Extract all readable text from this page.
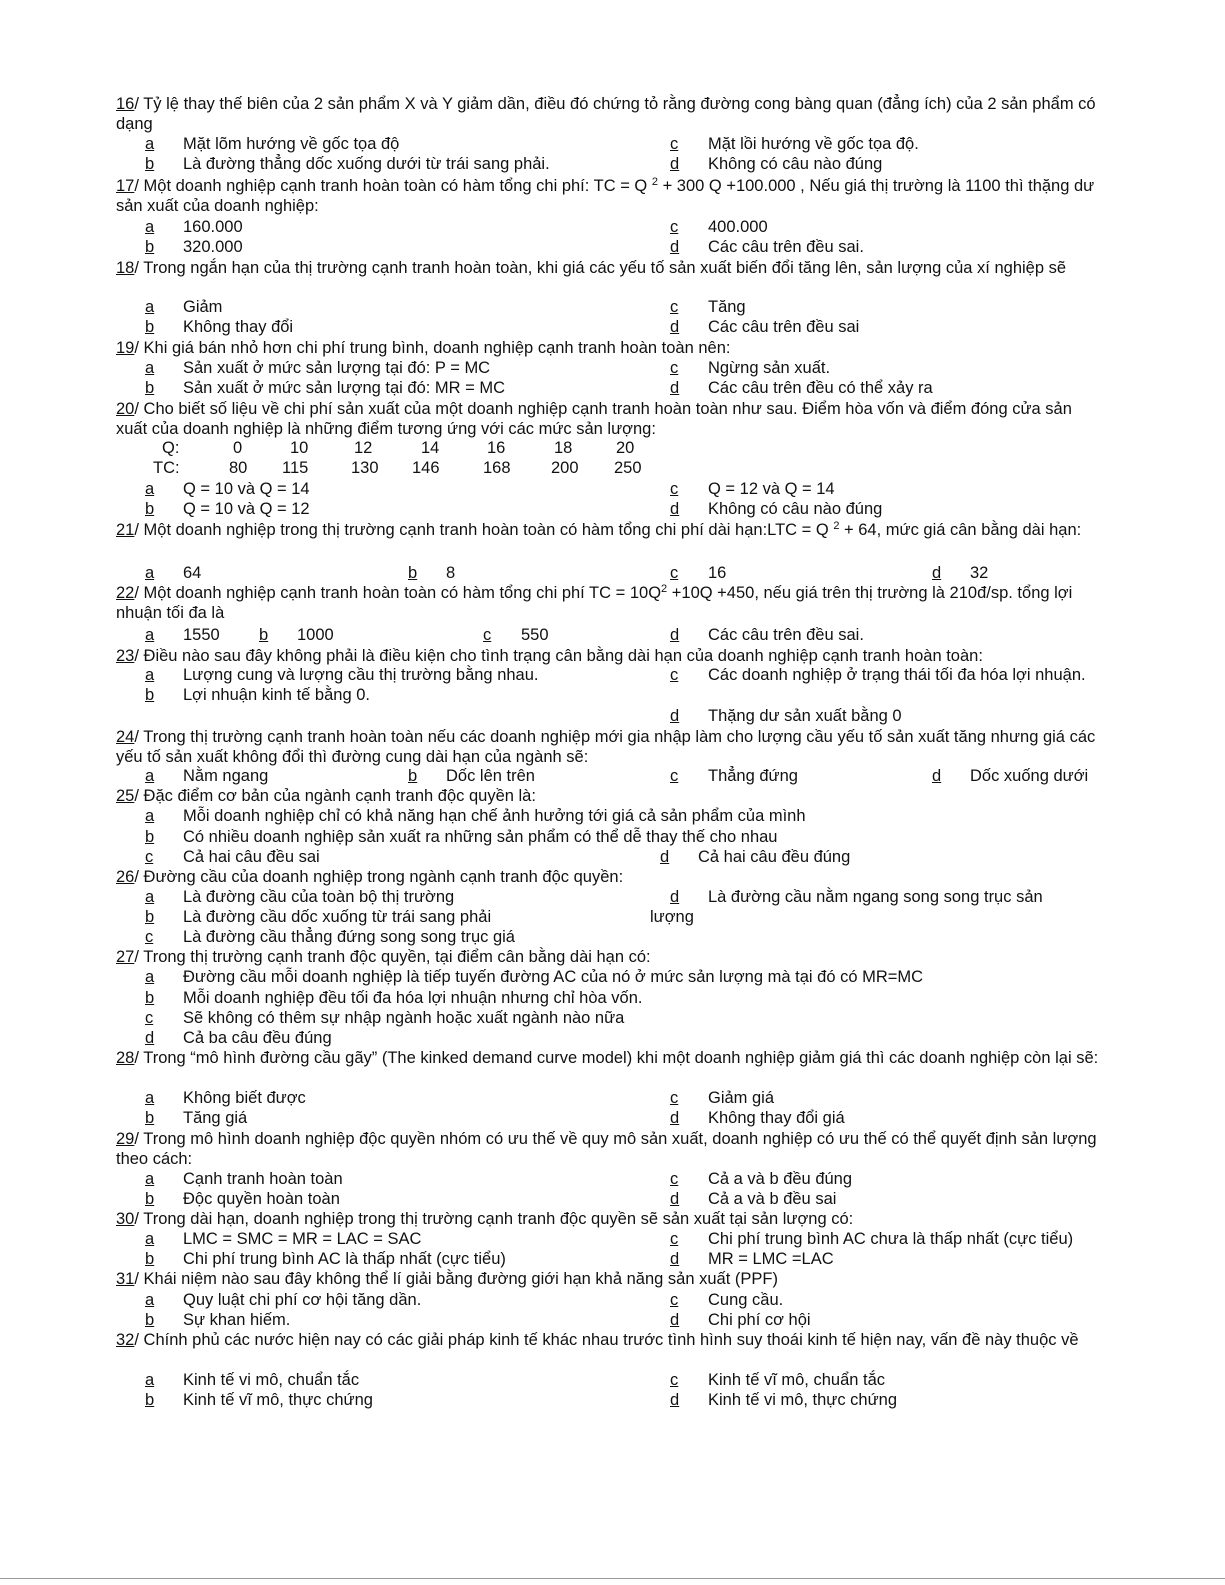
16/ Tỷ lệ thay thế biên của 2 sản phẩm X và Y giảm dần, điều đó chứng tỏ rằng đường cong bàng quan (đẳng ích) của 2 sản phẩm có dạng
a Mặt lõm hướng về gốc tọa độ
b Là đường thẳng dốc xuống dưới từ trái sang phải.
c Mặt lồi hướng về gốc tọa độ.
d Không có câu nào đúng
17/ Một doanh nghiệp cạnh tranh hoàn toàn có hàm tổng chi phí: TC = Q $^2$ + 300 Q +100.000 , Nếu giá thị trường là 1100 thì thặng dư sản xuất của doanh nghiệp:
a 160.000
b 320.000
c 400.000
d Các câu trên đều sai.
18/ Trong ngắn hạn của thị trường cạnh tranh hoàn toàn, khi giá các yếu tố sản xuất biến đổi tăng lên, sản lượng của xí nghiệp sẽ
a Giảm
b Không thay đổi
c Tăng
d Các câu trên đều sai
19/ Khi giá bán nhỏ hơn chi phí trung bình, doanh nghiệp cạnh tranh hoàn toàn nên:
a Sản xuất ở mức sản lượng tại đó: P = MC
b Sản xuất ở mức sản lượng tại đó: MR = MC
c Ngừng sản xuất.
d Các câu trên đều có thể xảy ra
20/ Cho biết số liệu về chi phí sản xuất của một doanh nghiệp cạnh tranh hoàn toàn như sau. Điểm hòa vốn và điểm đóng cửa sản xuất của doanh nghiệp là những điểm tương ứng với các mức sản lượng:
Q:	0	10	12	14	16	18	20
TC:	80 115	130 146	168 200 250
a Q = 10 và Q = 14
b Q = 10 và Q = 12
c Q = 12 và Q = 14
d Không có câu nào đúng
21/ Một doanh nghiệp trong thị trường cạnh tranh hoàn toàn có hàm tổng chi phí dài hạn:LTC = Q $^2$ + 64, mức giá cân bằng dài hạn:
a 64	b 8	c 16	d 32
22/ Một doanh nghiệp cạnh tranh hoàn toàn có hàm tổng chi phí TC = $10Q^2 +10Q +450$, nếu giá trên thị trường là 210đ/sp. tổng lợi nhuận tối đa là
a 1550 b 1000	c 550	d Các câu trên đều sai.
23/ Điều nào sau đây không phải là điều kiện cho tình trạng cân bằng dài hạn của doanh nghiệp cạnh tranh hoàn toàn:
a Lượng cung và lượng cầu thị trường bằng nhau.
b Lợi nhuận kinh tế bằng 0.
c Các doanh nghiệp ở trạng thái tối đa hóa lợi nhuận.
d Thặng dư sản xuất bằng 0
24/ Trong thị trường cạnh tranh hoàn toàn nếu các doanh nghiệp mới gia nhập làm cho lượng cầu yếu tố sản xuất tăng nhưng giá các yếu tố sản xuất không đổi thì đường cung dài hạn của ngành sẽ:
a Nằm ngang	b Dốc lên trên	c Thẳng đứng	d Dốc xuống dưới
25/ Đặc điểm cơ bản của ngành cạnh tranh độc quyền là:
a Mỗi doanh nghiệp chỉ có khả năng hạn chế ảnh hưởng tới giá cả sản phẩm của mình
b Có nhiều doanh nghiệp sản xuất ra những sản phẩm có thể dễ thay thế cho nhau
c Cả hai câu đều sai	d Cả hai câu đều đúng
26/ Đường cầu của doanh nghiệp trong ngành cạnh tranh độc quyền:
a Là đường cầu của toàn bộ thị trường
b Là đường cầu dốc xuống từ trái sang phải
c Là đường cầu thẳng đứng song song trục giá
d Là đường cầu nằm ngang song song trục sản
lượng
27/ Trong thị trường cạnh tranh độc quyền, tại điểm cân bằng dài hạn có:
a Đường cầu mỗi doanh nghiệp là tiếp tuyến đường AC của nó ở mức sản lượng mà tại đó có MR=MC
b Mỗi doanh nghiệp đều tối đa hóa lợi nhuận nhưng chỉ hòa vốn.
c Sẽ không có thêm sự nhập ngành hoặc xuất ngành nào nữa
d Cả ba câu đều đúng
28/ Trong “mô hình đường cầu gãy” (The kinked demand curve model) khi một doanh nghiệp giảm giá thì các doanh nghiệp còn lại sẽ:
a Không biết được
b Tăng giá
c Giảm giá
d Không thay đổi giá
29/ Trong mô hình doanh nghiệp độc quyền nhóm có ưu thế về quy mô sản xuất, doanh nghiệp có ưu thế có thể quyết định sản lượng theo cách:
a Cạnh tranh hoàn toàn
b Độc quyền hoàn toàn
c Cả a và b đều đúng
d Cả a và b đều sai
30/ Trong dài hạn, doanh nghiệp trong thị trường cạnh tranh độc quyền sẽ sản xuất tại sản lượng có:
a LMC = SMC = MR = LAC = SAC
b Chi phí trung bình AC là thấp nhất (cực tiểu)
c Chi phí trung bình AC chưa là thấp nhất (cực tiểu)
d MR = LMC =LAC
31/ Khái niệm nào sau đây không thể lí giải bằng đường giới hạn khả năng sản xuất (PPF)
a Quy luật chi phí cơ hội tăng dần.
b Sự khan hiếm.
c Cung cầu.
d Chi phí cơ hội
32/ Chính phủ các nước hiện nay có các giải pháp kinh tế khác nhau trước tình hình suy thoái kinh tế hiện nay, vấn đề này thuộc về
a Kinh tế vi mô, chuẩn tắc
b Kinh tế vĩ mô, thực chứng
c Kinh tế vĩ mô, chuẩn tắc
d Kinh tế vi mô, thực chứng
